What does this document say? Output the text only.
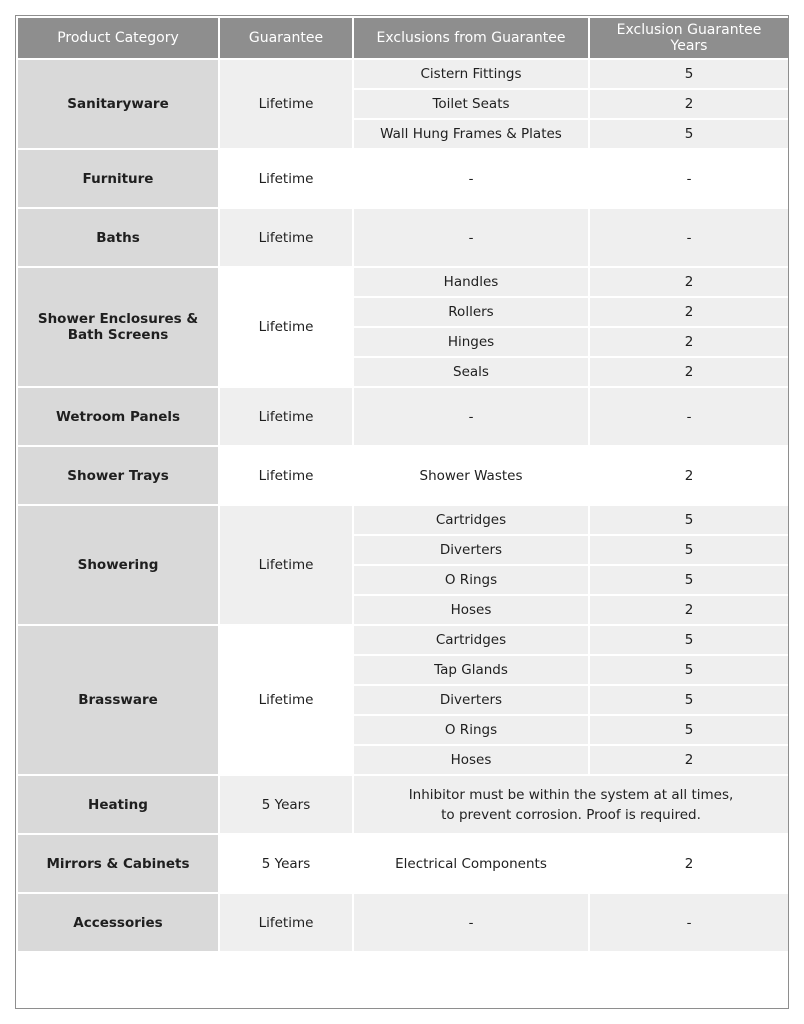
Product Category	Guarantee	Exclusions from Guarantee	Exclusion Guarantee Years
Sanitaryware	Lifetime	Cistern Fittings	5
		Toilet Seats	2
		Wall Hung Frames & Plates	5
Furniture	Lifetime	-	-
Baths	Lifetime	-	-
Shower Enclosures & Bath Screens	Lifetime	Handles	2
		Rollers	2
		Hinges	2
		Seals	2
Wetroom Panels	Lifetime	-	-
Shower Trays	Lifetime	Shower Wastes	2
Showering	Lifetime	Cartridges	5
		Diverters	5
		O Rings	5
		Hoses	2
Brassware	Lifetime	Cartridges	5
		Tap Glands	5
		Diverters	5
		O Rings	5
		Hoses	2
Heating	5 Years	Inhibitor must be within the system at all times,
to prevent corrosion. Proof is required.	

Mirrors & Cabinets	5 Years	Electrical Components	2
Accessories	Lifetime	-	-
